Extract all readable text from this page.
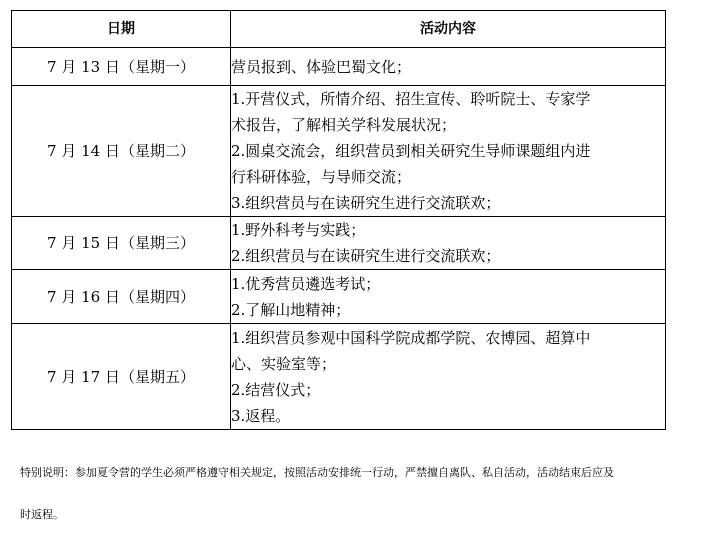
日期	活动内容
7 月 13 日（星期一）	营员报到、体验巴蜀文化；

7 月 14 日（星期二）	1.开营仪式，所情介绍、招生宣传、聆听院士、专家学
术报告，了解相关学科发展状况；
2.圆桌交流会，组织营员到相关研究生导师课题组内进
行科研体验，与导师交流；
3.组织营员与在读研究生进行交流联欢；

7 月 15 日（星期三）	1.野外科考与实践；
2.组织营员与在读研究生进行交流联欢；

7 月 16 日（星期四）	1.优秀营员遴选考试；
2.了解山地精神；

7 月 17 日（星期五）	1.组织营员参观中国科学院成都学院、农博园、超算中
心、实验室等；
2.结营仪式；
3.返程。
特别说明：参加夏令营的学生必须严格遵守相关规定，按照活动安排统一行动，严禁擅自离队、私自活动，活动结束后应及
时返程。
